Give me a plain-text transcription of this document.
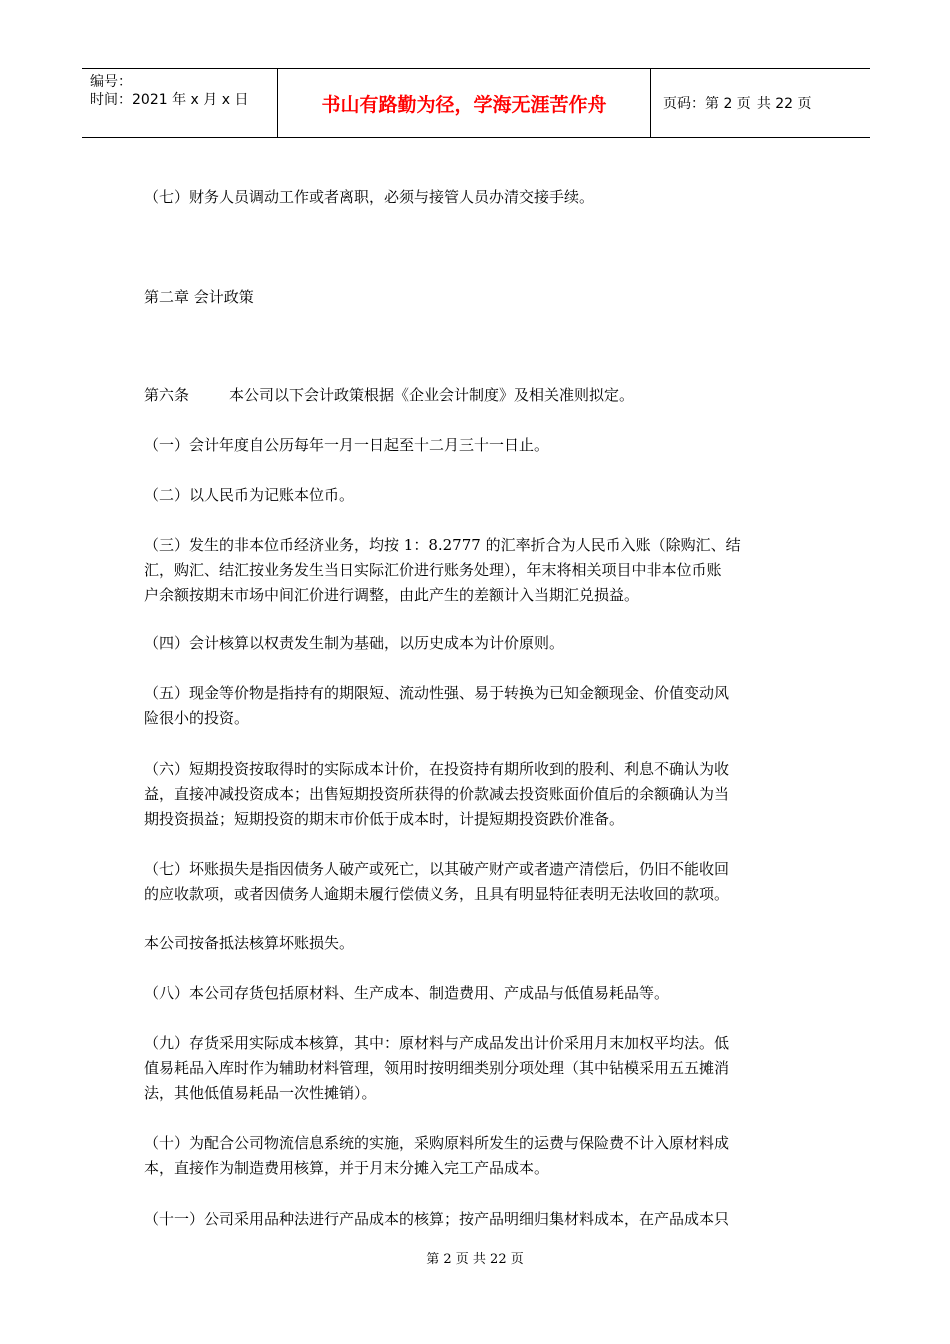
编号：
时间：2021 年 x 月 x 日	书山有路勤为径，学海无涯苦作舟	页码：第 2 页 共 22 页
（七）财务人员调动工作或者离职，必须与接管人员办清交接手续。
第二章 会计政策
第六条	本公司以下会计政策根据《企业会计制度》及相关准则拟定。
（一）会计年度自公历每年一月一日起至十二月三十一日止。
（二）以人民币为记账本位币。
（三）发生的非本位币经济业务，均按 1：8.2777 的汇率折合为人民币入账（除购汇、结
汇，购汇、结汇按业务发生当日实际汇价进行账务处理），年末将相关项目中非本位币账
户余额按期末市场中间汇价进行调整，由此产生的差额计入当期汇兑损益。
（四）会计核算以权责发生制为基础，以历史成本为计价原则。
（五）现金等价物是指持有的期限短、流动性强、易于转换为已知金额现金、价值变动风
险很小的投资。
（六）短期投资按取得时的实际成本计价，在投资持有期所收到的股利、利息不确认为收
益，直接冲减投资成本；出售短期投资所获得的价款减去投资账面价值后的余额确认为当
期投资损益；短期投资的期末市价低于成本时，计提短期投资跌价准备。
（七）坏账损失是指因债务人破产或死亡，以其破产财产或者遗产清偿后，仍旧不能收回
的应收款项，或者因债务人逾期未履行偿债义务，且具有明显特征表明无法收回的款项。
本公司按备抵法核算坏账损失。
（八）本公司存货包括原材料、生产成本、制造费用、产成品与低值易耗品等。
（九）存货采用实际成本核算，其中：原材料与产成品发出计价采用月末加权平均法。低
值易耗品入库时作为辅助材料管理，领用时按明细类别分项处理（其中钻模采用五五摊消
法，其他低值易耗品一次性摊销）。
（十）为配合公司物流信息系统的实施，采购原料所发生的运费与保险费不计入原材料成
本，直接作为制造费用核算，并于月末分摊入完工产品成本。
（十一）公司采用品种法进行产品成本的核算；按产品明细归集材料成本，在产品成本只
第 2 页 共 22 页
